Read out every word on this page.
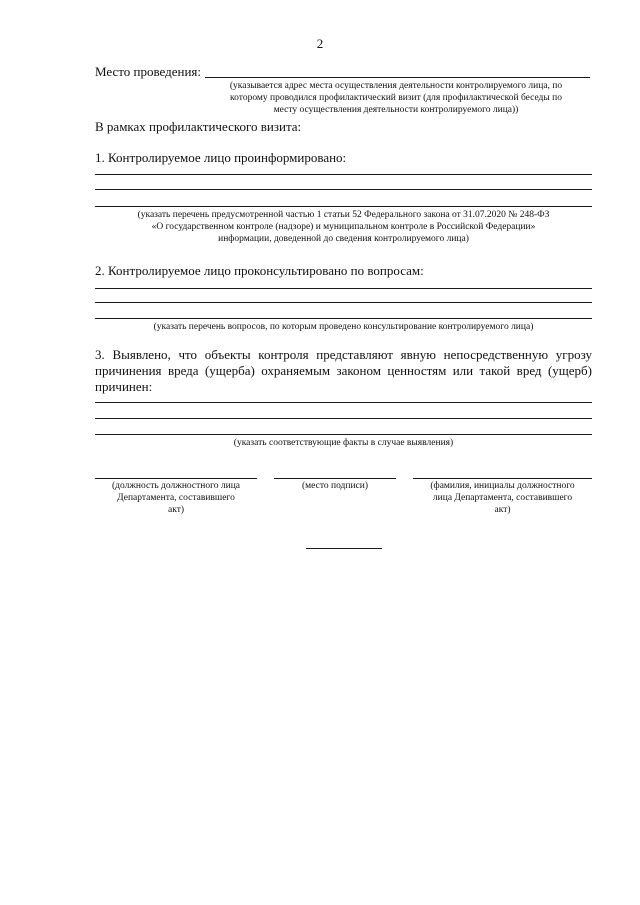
2
Место проведения:
(указывается адрес места осуществления деятельности контролируемого лица, по
которому проводился профилактический визит (для профилактической беседы по
месту осуществления деятельности контролируемого лица))
В рамках профилактического визита:
1. Контролируемое лицо проинформировано:
(указать перечень предусмотренной частью 1 статьи 52 Федерального закона от 31.07.2020 № 248-ФЗ
«О государственном контроле (надзоре) и муниципальном контроле в Российской Федерации»
информации, доведенной до сведения контролируемого лица)
2. Контролируемое лицо проконсультировано по вопросам:
(указать перечень вопросов, по которым проведено консультирование контролируемого лица)
3. Выявлено, что объекты контроля представляют явную непосредственную угрозу причинения вреда (ущерба) охраняемым законом ценностям или такой вред (ущерб) причинен:
(указать соответствующие факты в случае выявления)
(должность должностного лица
Департамента, составившего
акт)
(место подписи)	(фамилия, инициалы должностного
лица Департамента, составившего
акт)
